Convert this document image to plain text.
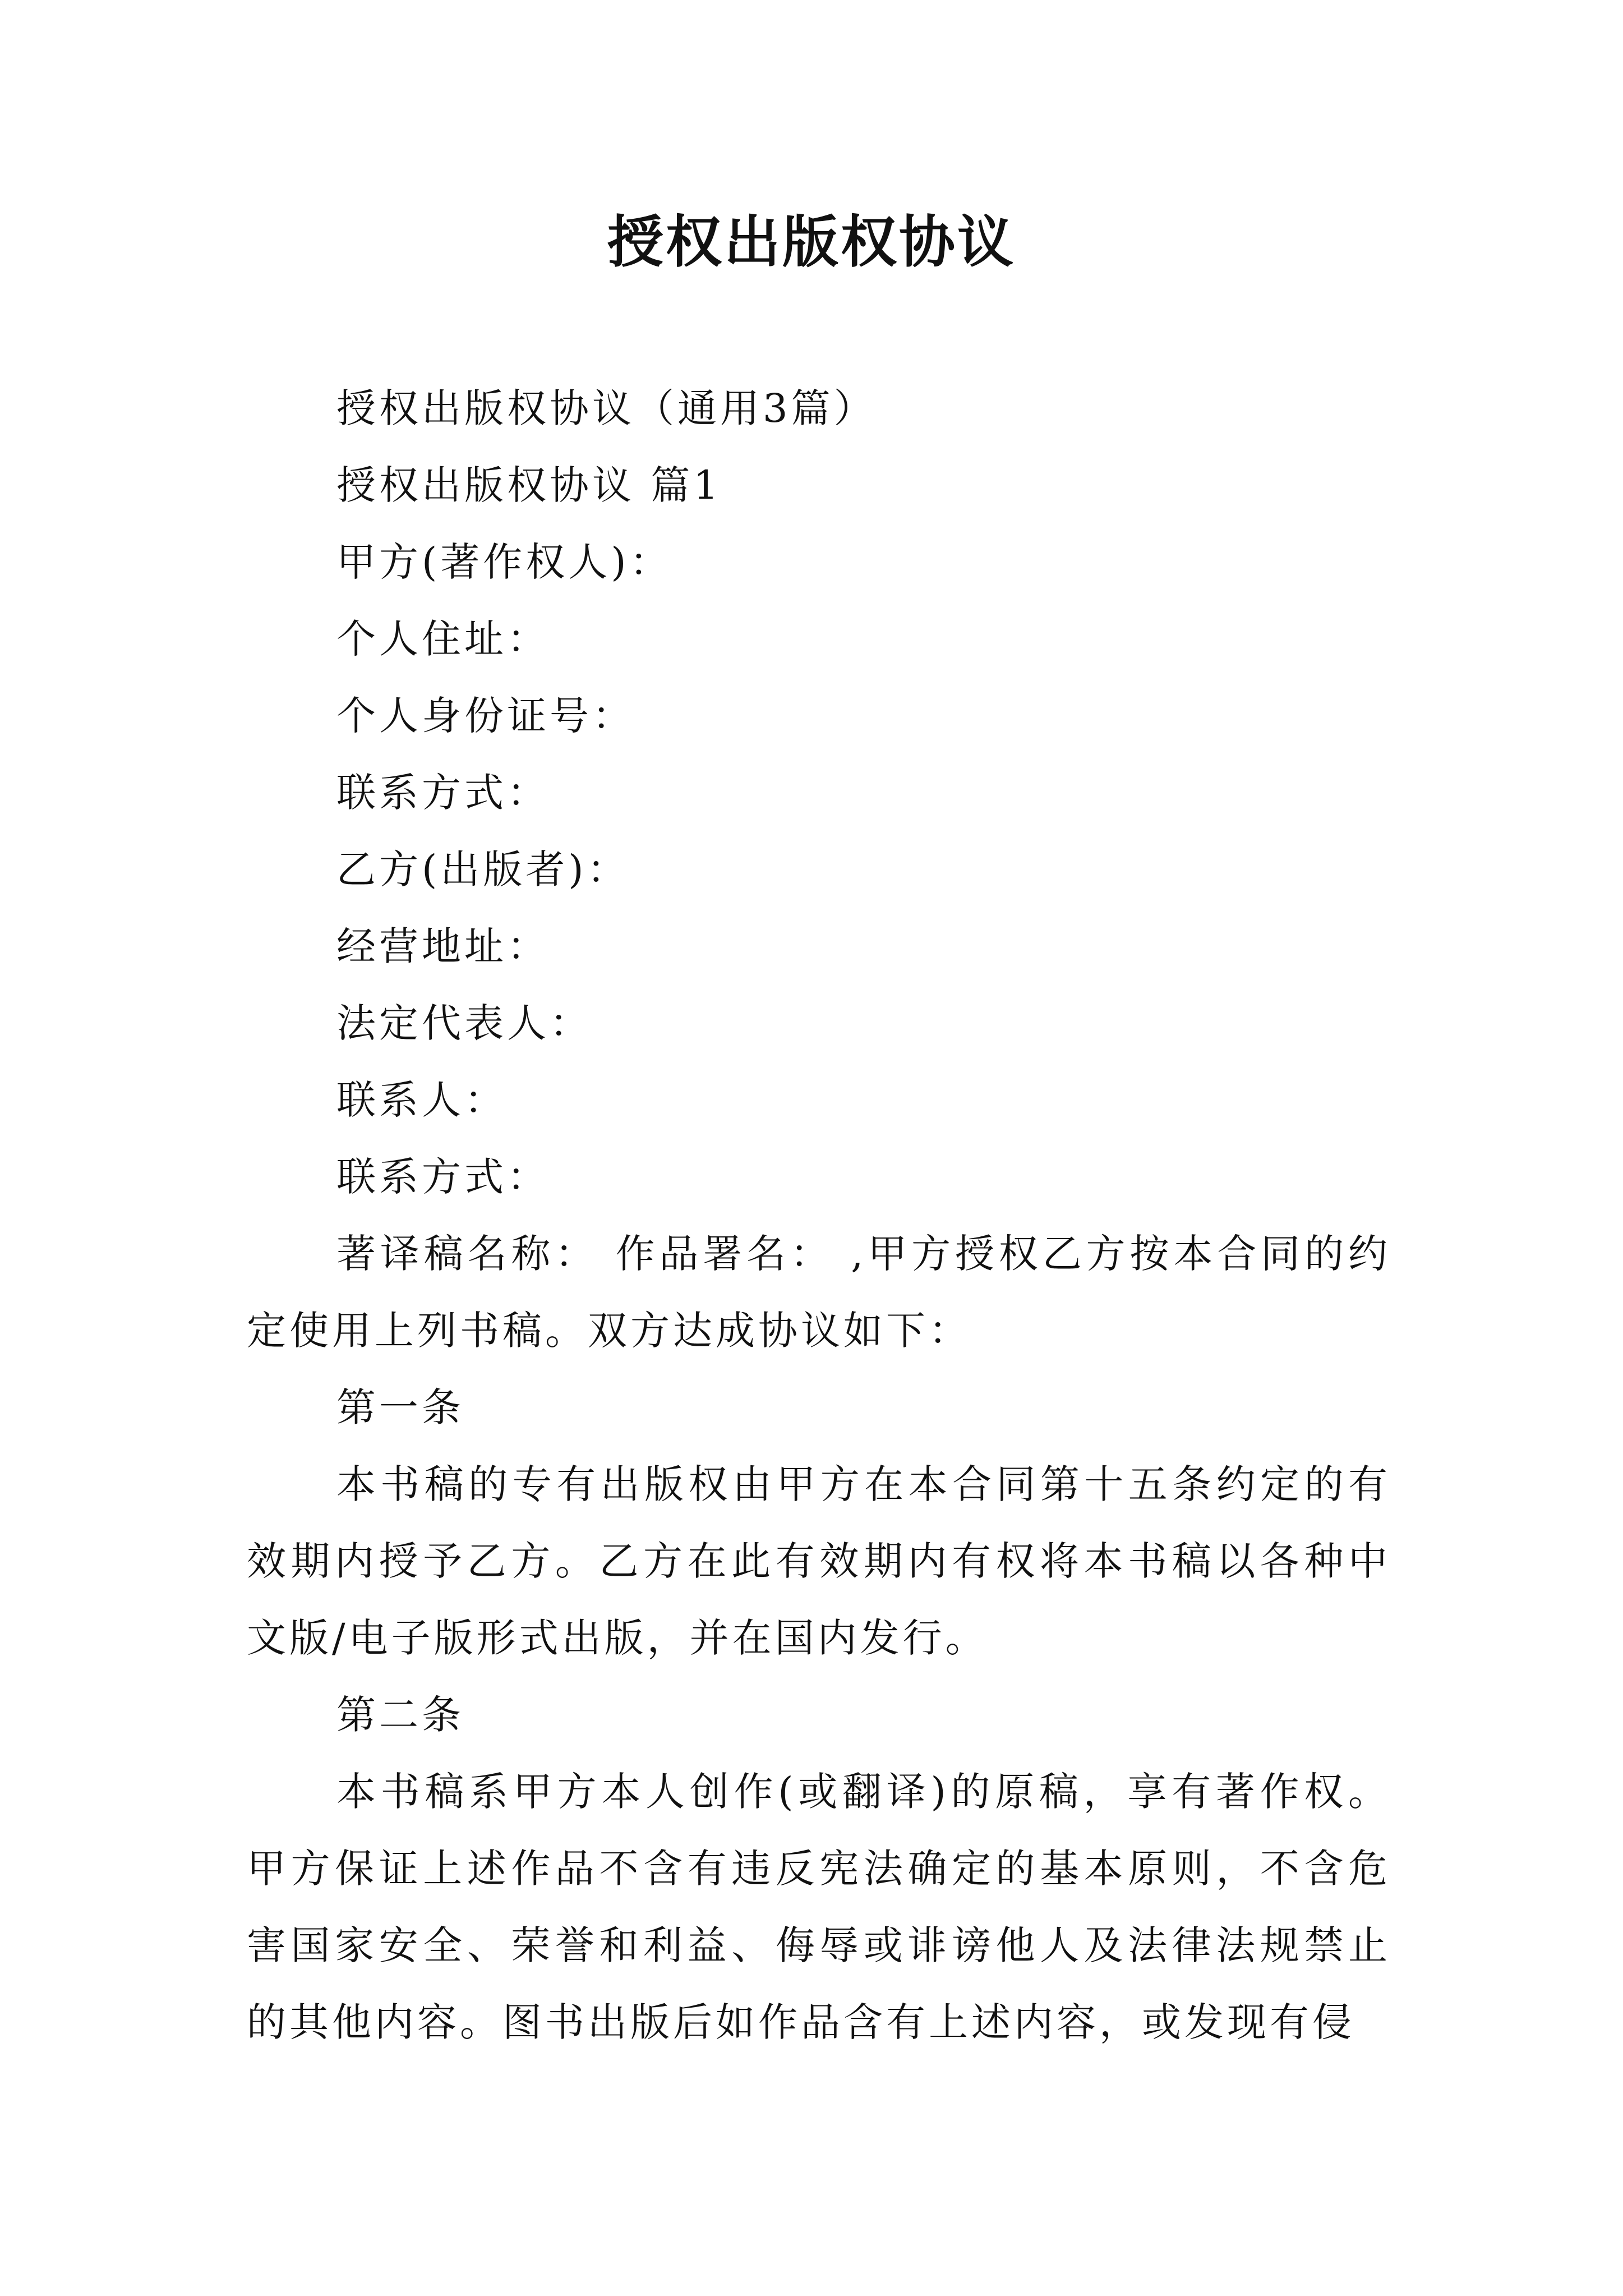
授权出版权协议

授权出版权协议（通用3篇）

授权出版权协议 篇1

甲方(著作权人)：

个人住址：

个人身份证号：

联系方式：

乙方(出版者)：

经营地址：

法定代表人：

联系人：

联系方式：

著译稿名称： 作品署名： ,甲方授权乙方按本合同的约定使用上列书稿。双方达成协议如下：

第一条

本书稿的专有出版权由甲方在本合同第十五条约定的有效期内授予乙方。乙方在此有效期内有权将本书稿以各种中文版/电子版形式出版，并在国内发行。

第二条

本书稿系甲方本人创作(或翻译)的原稿，享有著作权。甲方保证上述作品不含有违反宪法确定的基本原则，不含危害国家安全、荣誉和利益、侮辱或诽谤他人及法律法规禁止的其他内容。图书出版后如作品含有上述内容，或发现有侵
